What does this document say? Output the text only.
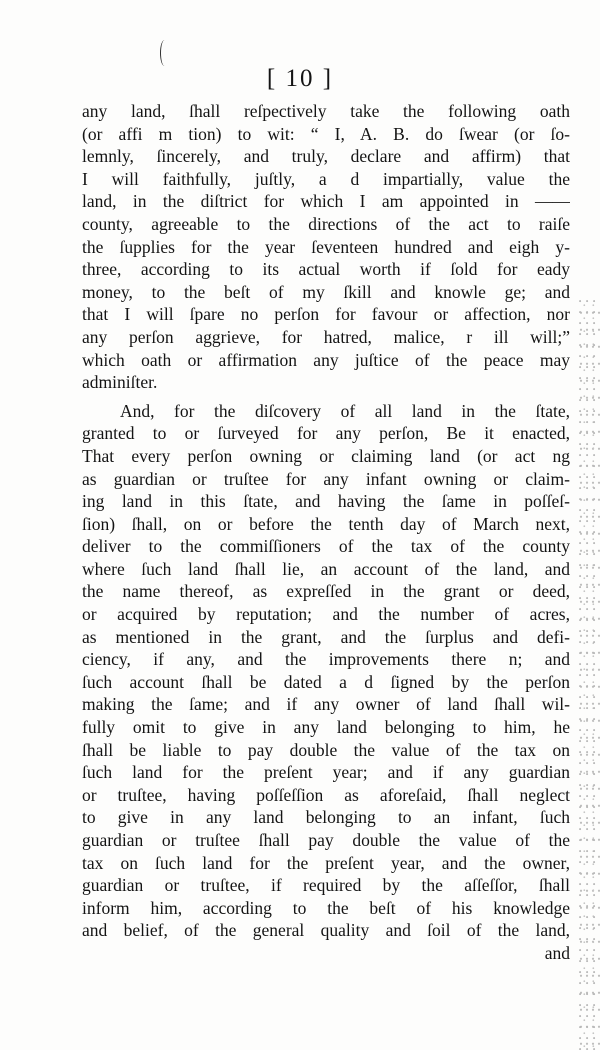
[ 10 ]
any land, ſhall reſpectively take the following oath
(or affi m tion) to wit: “ I, A. B. do ſwear (or ſo-
lemnly, ſincerely, and truly, declare and affirm) that
I will faithfully, juſtly, a d impartially, value the
land, in the diſtrict for which I am appointed in ——
county, agreeable to the directions of the act to raiſe
the ſupplies for the year ſeventeen hundred and eigh y-
three, according to its actual worth if ſold for eady
money, to the beſt of my ſkill and knowle ge; and
that I will ſpare no perſon for favour or affection, nor
any perſon aggrieve, for hatred, malice, r ill will;”
which oath or affirmation any juſtice of the peace may
adminiſter.
And, for the diſcovery of all land in the ſtate,
granted to or ſurveyed for any perſon, Be it enacted,
That every perſon owning or claiming land (or act ng
as guardian or truſtee for any infant owning or claim-
ing land in this ſtate, and having the ſame in poſſeſ-
ſion) ſhall, on or before the tenth day of March next,
deliver to the commiſſioners of the tax of the county
where ſuch land ſhall lie, an account of the land, and
the name thereof, as expreſſed in the grant or deed,
or acquired by reputation; and the number of acres,
as mentioned in the grant, and the ſurplus and defi-
ciency, if any, and the improvements there n; and
ſuch account ſhall be dated a d ſigned by the perſon
making the ſame; and if any owner of land ſhall wil-
fully omit to give in any land belonging to him, he
ſhall be liable to pay double the value of the tax on
ſuch land for the preſent year; and if any guardian
or truſtee, having poſſeſſion as aforeſaid, ſhall neglect
to give in any land belonging to an infant, ſuch
guardian or truſtee ſhall pay double the value of the
tax on ſuch land for the preſent year, and the owner,
guardian or truſtee, if required by the aſſeſſor, ſhall
inform him, according to the beſt of his knowledge
and belief, of the general quality and ſoil of the land,
and
